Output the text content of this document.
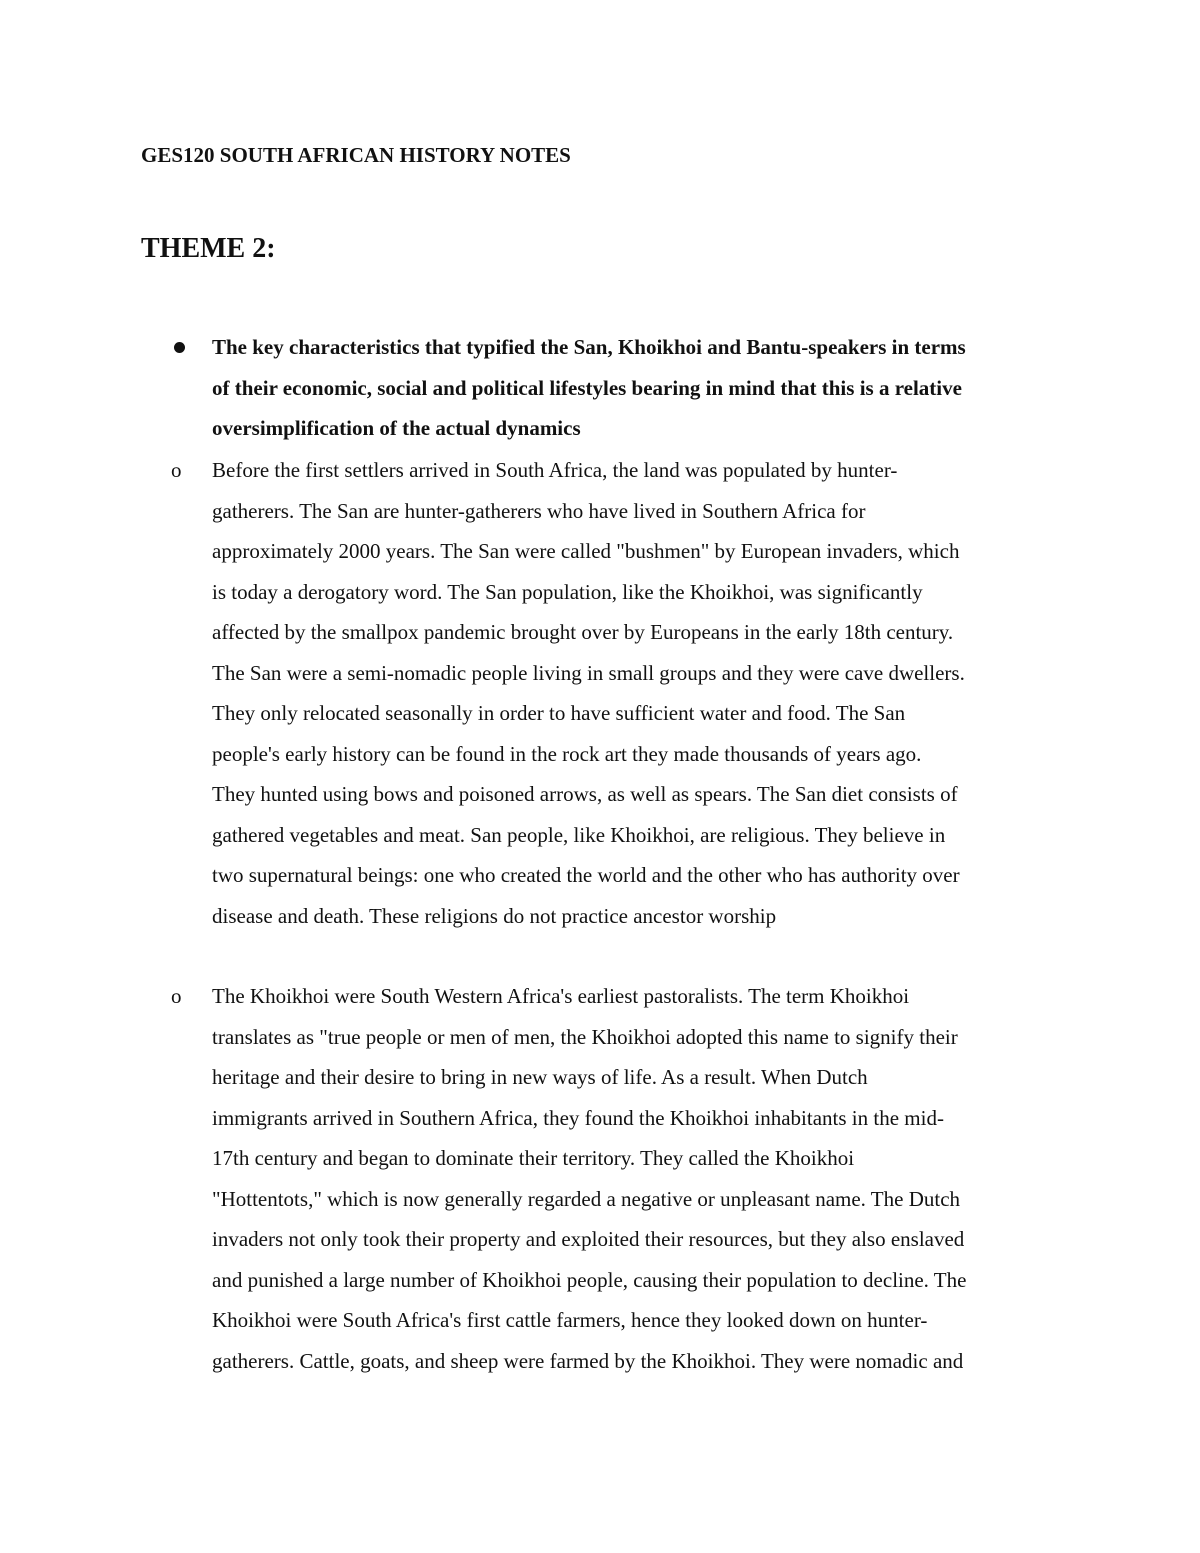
GES120 SOUTH AFRICAN HISTORY NOTES
THEME 2:
The key characteristics that typified the San, Khoikhoi and Bantu-speakers in terms
of their economic, social and political lifestyles bearing in mind that this is a relative
oversimplification of the actual dynamics
o Before the first settlers arrived in South Africa, the land was populated by hunter-
gatherers. The San are hunter-gatherers who have lived in Southern Africa for
approximately 2000 years. The San were called "bushmen" by European invaders, which
is today a derogatory word. The San population, like the Khoikhoi, was significantly
affected by the smallpox pandemic brought over by Europeans in the early 18th century.
The San were a semi-nomadic people living in small groups and they were cave dwellers.
They only relocated seasonally in order to have sufficient water and food. The San
people's early history can be found in the rock art they made thousands of years ago.
They hunted using bows and poisoned arrows, as well as spears. The San diet consists of
gathered vegetables and meat. San people, like Khoikhoi, are religious. They believe in
two supernatural beings: one who created the world and the other who has authority over
disease and death. These religions do not practice ancestor worship
o The Khoikhoi were South Western Africa's earliest pastoralists. The term Khoikhoi
translates as "true people or men of men, the Khoikhoi adopted this name to signify their
heritage and their desire to bring in new ways of life. As a result. When Dutch
immigrants arrived in Southern Africa, they found the Khoikhoi inhabitants in the mid-
17th century and began to dominate their territory. They called the Khoikhoi
"Hottentots," which is now generally regarded a negative or unpleasant name. The Dutch
invaders not only took their property and exploited their resources, but they also enslaved
and punished a large number of Khoikhoi people, causing their population to decline. The
Khoikhoi were South Africa's first cattle farmers, hence they looked down on hunter-
gatherers. Cattle, goats, and sheep were farmed by the Khoikhoi. They were nomadic and
